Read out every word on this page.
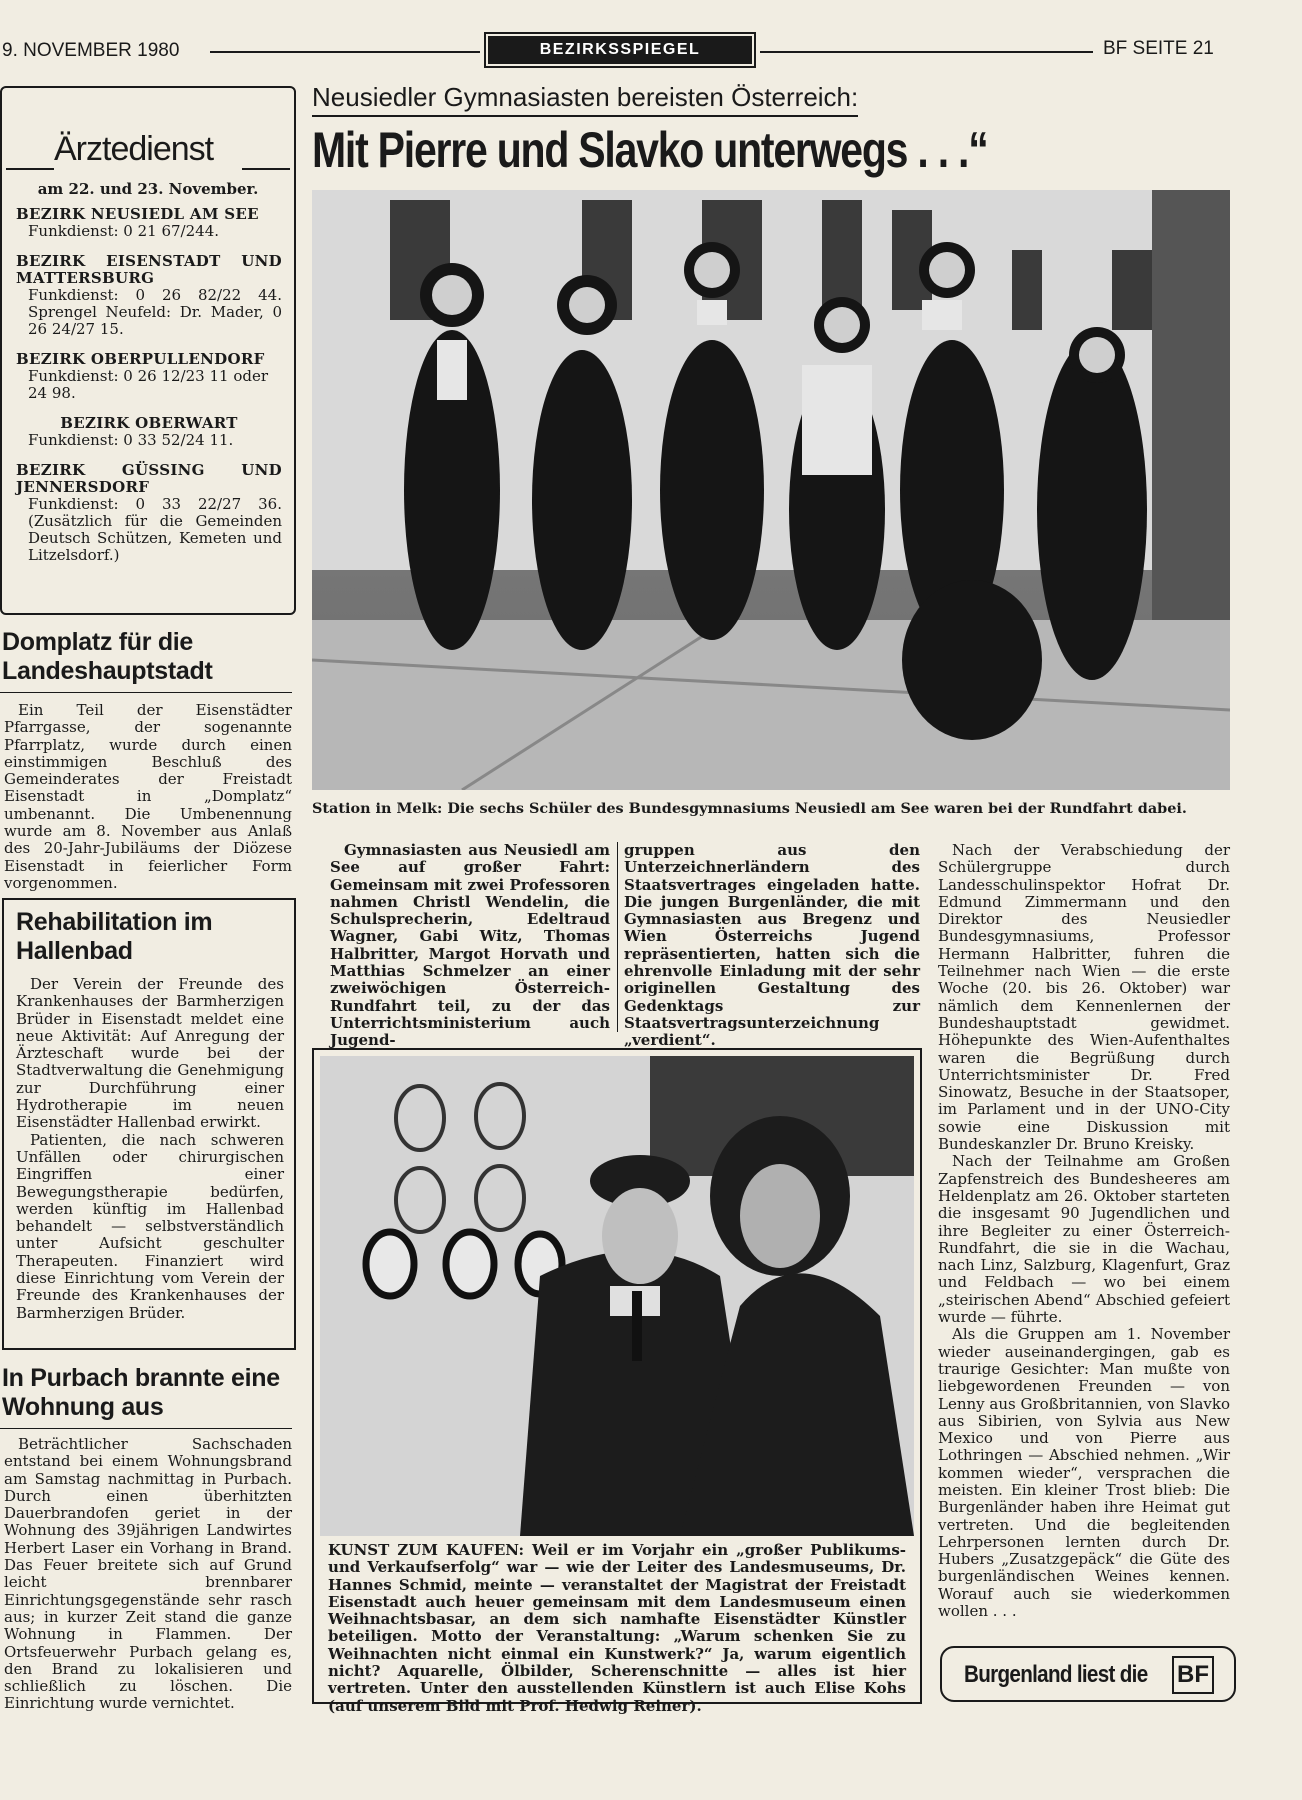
9. NOVEMBER 1980	BEZIRKSSPIEGEL	BF SEITE 21
Ärztedienst
am 22. und 23. November.
BEZIRK NEUSIEDL AM SEE
Funkdienst: 0 21 67/244.
BEZIRK EISENSTADT UND MATTERSBURG
Funkdienst: 0 26 82/22 44. Sprengel Neufeld: Dr. Mader, 0 26 24/27 15.
BEZIRK OBERPULLENDORF
Funkdienst: 0 26 12/23 11 oder 24 98.
BEZIRK OBERWART
Funkdienst: 0 33 52/24 11.
BEZIRK GÜSSING UND JENNERSDORF
Funkdienst: 0 33 22/27 36. (Zusätzlich für die Gemeinden Deutsch Schützen, Kemeten und Litzelsdorf.)
Domplatz für die Landeshauptstadt

Ein Teil der Eisenstädter Pfarrgasse, der sogenannte Pfarrplatz, wurde durch einen einstimmigen Beschluß des Gemeinderates der Freistadt Eisenstadt in „Domplatz“ umbenannt. Die Umbenennung wurde am 8. November aus Anlaß des 20-Jahr-Jubiläums der Diözese Eisenstadt in feierlicher Form vorgenommen.

Rehabilitation im Hallenbad

Der Verein der Freunde des Krankenhauses der Barmherzigen Brüder in Eisenstadt meldet eine neue Aktivität: Auf Anregung der Ärzteschaft wurde bei der Stadtverwaltung die Genehmigung zur Durchführung einer Hydrotherapie im neuen Eisenstädter Hallenbad erwirkt.

Patienten, die nach schweren Unfällen oder chirurgischen Eingriffen einer Bewegungstherapie bedürfen, werden künftig im Hallenbad behandelt — selbstverständlich unter Aufsicht geschulter Therapeuten. Finanziert wird diese Einrichtung vom Verein der Freunde des Krankenhauses der Barmherzigen Brüder.

In Purbach brannte eine Wohnung aus

Beträchtlicher Sachschaden entstand bei einem Wohnungsbrand am Samstag nachmittag in Purbach. Durch einen überhitzten Dauerbrandofen geriet in der Wohnung des 39jährigen Landwirtes Herbert Laser ein Vorhang in Brand. Das Feuer breitete sich auf Grund leicht brennbarer Einrichtungsgegenstände sehr rasch aus; in kurzer Zeit stand die ganze Wohnung in Flammen. Der Ortsfeuerwehr Purbach gelang es, den Brand zu lokalisieren und schließlich zu löschen. Die Einrichtung wurde vernichtet.

Neusiedler Gymnasiasten bereisten Österreich:
Mit Pierre und Slavko unterwegs . . .“
Station in Melk: Die sechs Schüler des Bundesgymnasiums Neusiedl am See waren bei der Rundfahrt dabei.

Gymnasiasten aus Neusiedl am See auf großer Fahrt: Gemeinsam mit zwei Professoren nahmen Christl Wendelin, die Schulsprecherin, Edeltraud Wagner, Gabi Witz, Thomas Halbritter, Margot Horvath und Matthias Schmelzer an einer zweiwöchigen Österreich-Rundfahrt teil, zu der das Unterrichtsministerium auch Jugend-

gruppen aus den Unterzeichnerländern des Staatsvertrages eingeladen hatte. Die jungen Burgenländer, die mit Gymnasiasten aus Bregenz und Wien Österreichs Jugend repräsentierten, hatten sich die ehrenvolle Einladung mit der sehr originellen Gestaltung des Gedenktags zur Staatsvertragsunterzeichnung „verdient“.

Nach der Verabschiedung der Schülergruppe durch Landesschulinspektor Hofrat Dr. Edmund Zimmermann und den Direktor des Neusiedler Bundesgymnasiums, Professor Hermann Halbritter, fuhren die Teilnehmer nach Wien — die erste Woche (20. bis 26. Oktober) war nämlich dem Kennenlernen der Bundeshauptstadt gewidmet. Höhepunkte des Wien-Aufenthaltes waren die Begrüßung durch Unterrichtsminister Dr. Fred Sinowatz, Besuche in der Staatsoper, im Parlament und in der UNO-City sowie eine Diskussion mit Bundeskanzler Dr. Bruno Kreisky.

Nach der Teilnahme am Großen Zapfenstreich des Bundesheeres am Heldenplatz am 26. Oktober starteten die insgesamt 90 Jugendlichen und ihre Begleiter zu einer Österreich-Rundfahrt, die sie in die Wachau, nach Linz, Salzburg, Klagenfurt, Graz und Feldbach — wo bei einem „steirischen Abend“ Abschied gefeiert wurde — führte.

Als die Gruppen am 1. November wieder auseinandergingen, gab es traurige Gesichter: Man mußte von liebgewordenen Freunden — von Lenny aus Großbritannien, von Slavko aus Sibirien, von Sylvia aus New Mexico und von Pierre aus Lothringen — Abschied nehmen. „Wir kommen wieder“, versprachen die meisten. Ein kleiner Trost blieb: Die Burgenländer haben ihre Heimat gut vertreten. Und die begleitenden Lehrpersonen lernten durch Dr. Hubers „Zusatzgepäck“ die Güte des burgenländischen Weines kennen. Worauf auch sie wiederkommen wollen . . .

KUNST ZUM KAUFEN: Weil er im Vorjahr ein „großer Publikums- und Verkaufserfolg“ war — wie der Leiter des Landesmuseums, Dr. Hannes Schmid, meinte — veranstaltet der Magistrat der Freistadt Eisenstadt auch heuer gemeinsam mit dem Landesmuseum einen Weihnachtsbasar, an dem sich namhafte Eisenstädter Künstler beteiligen. Motto der Veranstaltung: „Warum schenken Sie zu Weihnachten nicht einmal ein Kunstwerk?“ Ja, warum eigentlich nicht? Aquarelle, Ölbilder, Scherenschnitte — alles ist hier vertreten. Unter den ausstellenden Künstlern ist auch Elise Kohs (auf unserem Bild mit Prof. Hedwig Reiner).

Burgenland liest die BF
